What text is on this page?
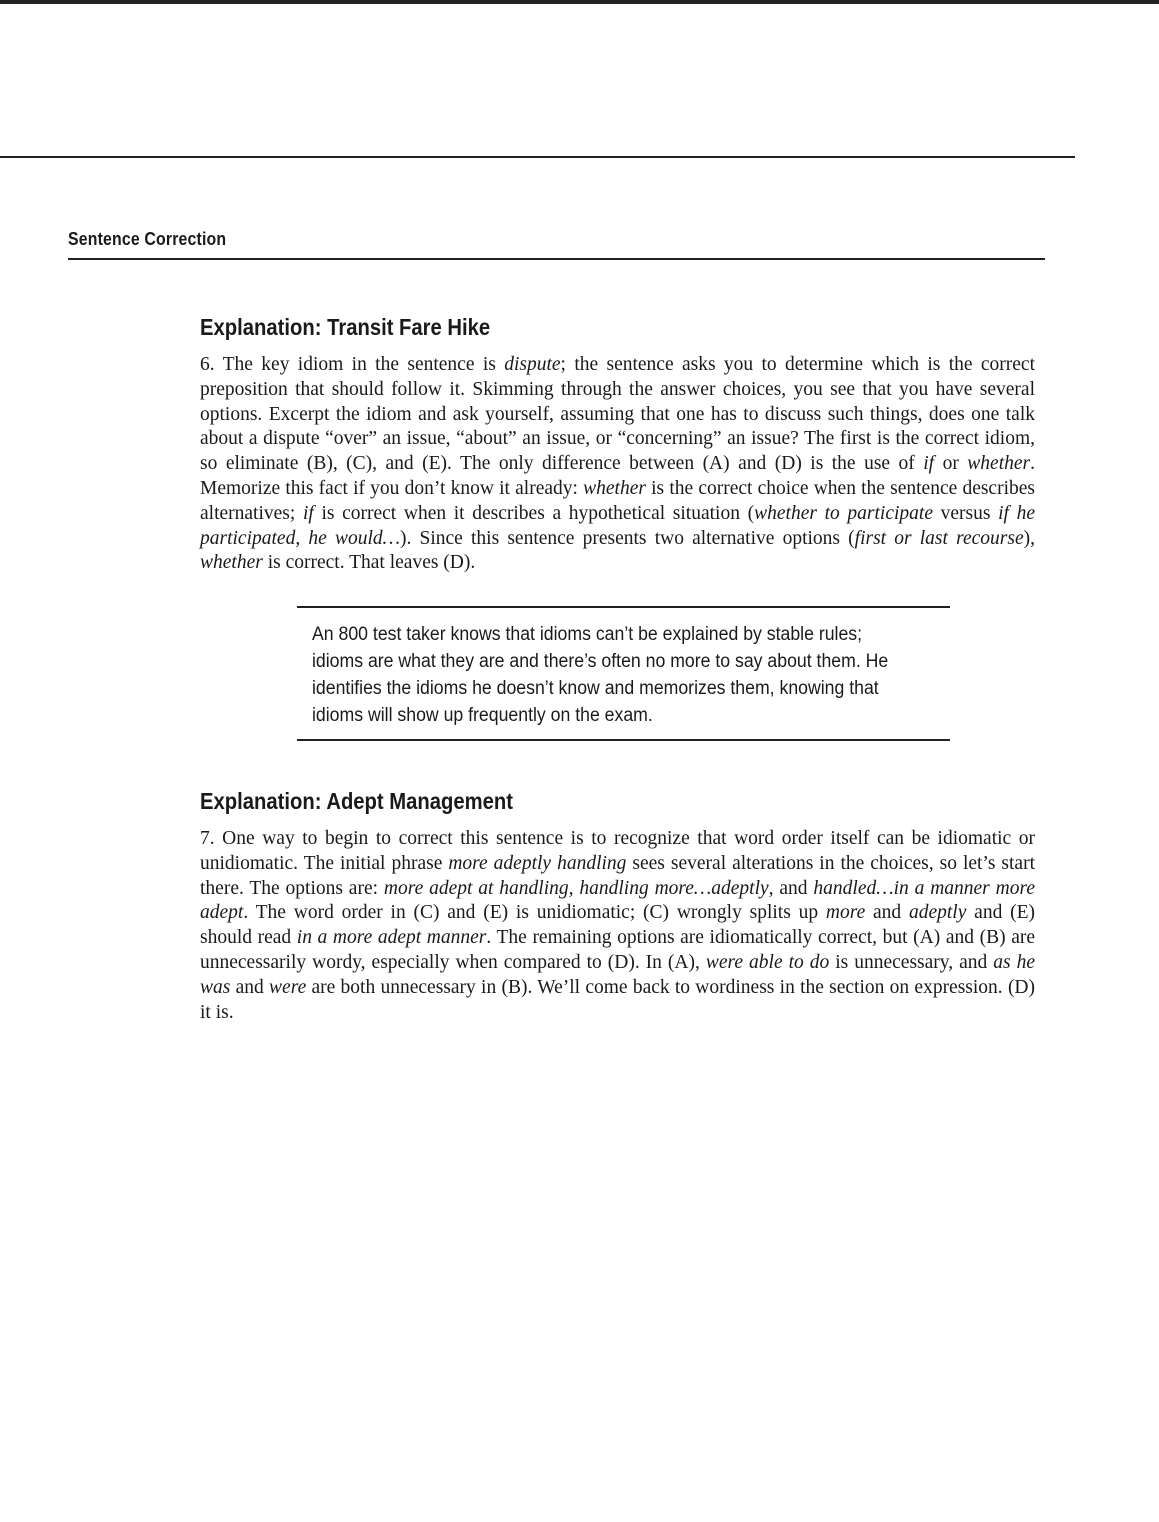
Sentence Correction
Explanation: Transit Fare Hike
6. The key idiom in the sentence is dispute; the sentence asks you to determine which is the correct preposition that should follow it. Skimming through the answer choices, you see that you have several options. Excerpt the idiom and ask yourself, assuming that one has to discuss such things, does one talk about a dispute “over” an issue, “about” an issue, or “concerning” an issue? The first is the correct idiom, so eliminate (B), (C), and (E). The only difference between (A) and (D) is the use of if or whether. Memorize this fact if you don’t know it already: whether is the correct choice when the sentence describes alternatives; if is correct when it describes a hypothetical situation (whether to participate versus if he participated, he would…). Since this sentence presents two alternative options (first or last recourse), whether is correct. That leaves (D).
An 800 test taker knows that idioms can’t be explained by stable rules; idioms are what they are and there’s often no more to say about them. He identifies the idioms he doesn’t know and memorizes them, knowing that idioms will show up frequently on the exam.
Explanation: Adept Management
7. One way to begin to correct this sentence is to recognize that word order itself can be idiomatic or unidiomatic. The initial phrase more adeptly handling sees several alterations in the choices, so let’s start there. The options are: more adept at handling, handling more…adeptly, and handled…in a manner more adept. The word order in (C) and (E) is unidiomatic; (C) wrongly splits up more and adeptly and (E) should read in a more adept manner. The remaining options are idiomatically correct, but (A) and (B) are unnecessarily wordy, especially when compared to (D). In (A), were able to do is unnecessary, and as he was and were are both unnecessary in (B). We’ll come back to wordiness in the section on expression. (D) it is.
